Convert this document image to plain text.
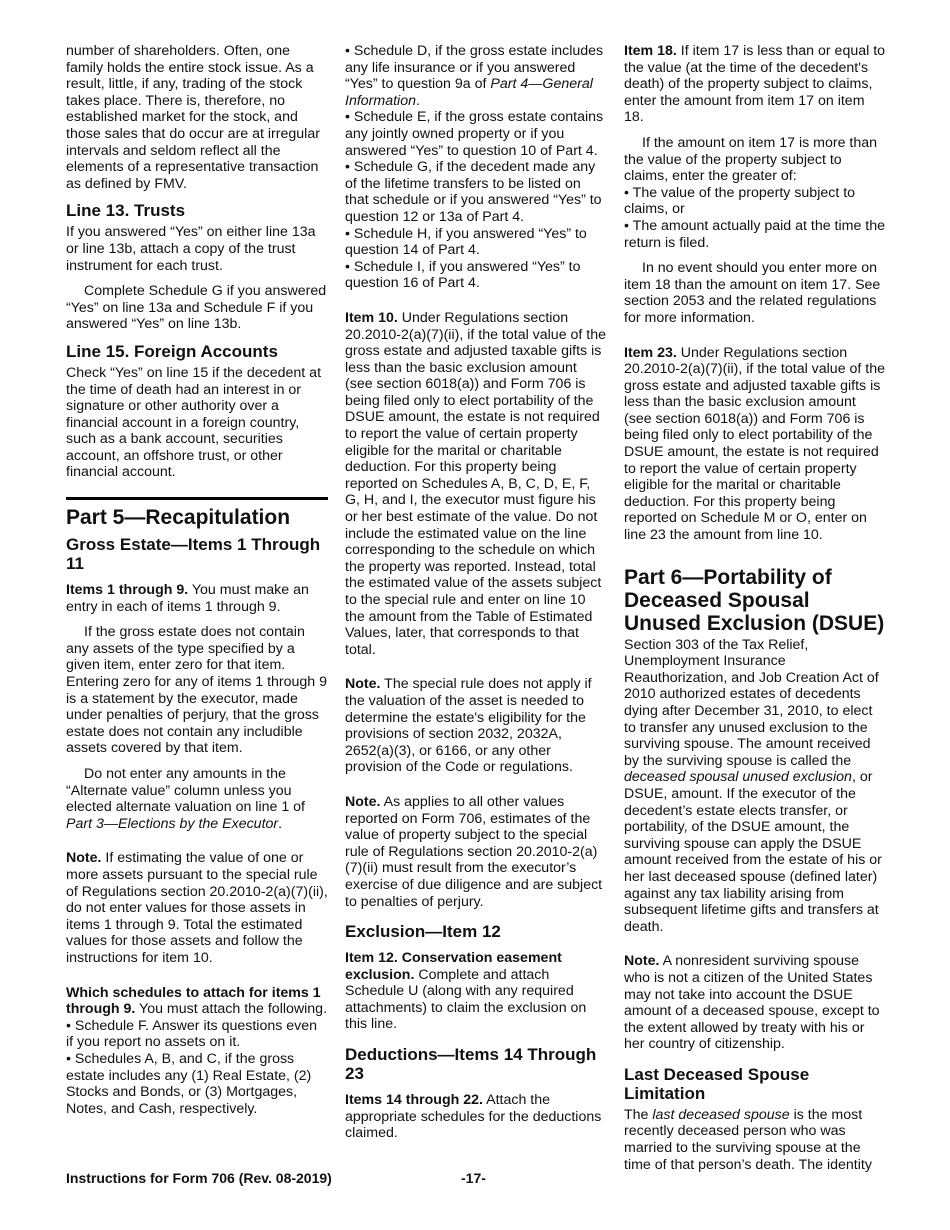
number of shareholders. Often, one family holds the entire stock issue. As a result, little, if any, trading of the stock takes place. There is, therefore, no established market for the stock, and those sales that do occur are at irregular intervals and seldom reflect all the elements of a representative transaction as defined by FMV.

Line 13. Trusts

If you answered “Yes” on either line 13a or line 13b, attach a copy of the trust instrument for each trust.

Complete Schedule G if you answered “Yes” on line 13a and Schedule F if you answered “Yes” on line 13b.

Line 15. Foreign Accounts

Check “Yes” on line 15 if the decedent at the time of death had an interest in or signature or other authority over a financial account in a foreign country, such as a bank account, securities account, an offshore trust, or other financial account.

Part 5—Recapitulation
Gross Estate—Items 1 Through 11

Items 1 through 9. You must make an entry in each of items 1 through 9.

If the gross estate does not contain any assets of the type specified by a given item, enter zero for that item. Entering zero for any of items 1 through 9 is a statement by the executor, made under penalties of perjury, that the gross estate does not contain any includible assets covered by that item.

Do not enter any amounts in the “Alternate value” column unless you elected alternate valuation on line 1 of Part 3—Elections by the Executor.

Note. If estimating the value of one or more assets pursuant to the special rule of Regulations section 20.2010-2(a)(7)(ii), do not enter values for those assets in items 1 through 9. Total the estimated values for those assets and follow the instructions for item 10.

Which schedules to attach for items 1 through 9. You must attach the following.

• Schedule F. Answer its questions even if you report no assets on it.

• Schedules A, B, and C, if the gross estate includes any (1) Real Estate, (2) Stocks and Bonds, or (3) Mortgages, Notes, and Cash, respectively.

• Schedule D, if the gross estate includes any life insurance or if you answered “Yes” to question 9a of Part 4—General Information.

• Schedule E, if the gross estate contains any jointly owned property or if you answered “Yes” to question 10 of Part 4.

• Schedule G, if the decedent made any of the lifetime transfers to be listed on that schedule or if you answered “Yes” to question 12 or 13a of Part 4.

• Schedule H, if you answered “Yes” to question 14 of Part 4.

• Schedule I, if you answered “Yes” to question 16 of Part 4.

Item 10. Under Regulations section 20.2010-2(a)(7)(ii), if the total value of the gross estate and adjusted taxable gifts is less than the basic exclusion amount (see section 6018(a)) and Form 706 is being filed only to elect portability of the DSUE amount, the estate is not required to report the value of certain property eligible for the marital or charitable deduction. For this property being reported on Schedules A, B, C, D, E, F, G, H, and I, the executor must figure his or her best estimate of the value. Do not include the estimated value on the line corresponding to the schedule on which the property was reported. Instead, total the estimated value of the assets subject to the special rule and enter on line 10 the amount from the Table of Estimated Values, later, that corresponds to that total.

Note. The special rule does not apply if the valuation of the asset is needed to determine the estate's eligibility for the provisions of section 2032, 2032A, 2652(a)(3), or 6166, or any other provision of the Code or regulations.

Note. As applies to all other values reported on Form 706, estimates of the value of property subject to the special rule of Regulations section 20.2010-2(a)(7)(ii) must result from the executor’s exercise of due diligence and are subject to penalties of perjury.

Exclusion—Item 12

Item 12. Conservation easement exclusion. Complete and attach Schedule U (along with any required attachments) to claim the exclusion on this line.

Deductions—Items 14 Through 23

Items 14 through 22. Attach the appropriate schedules for the deductions claimed.

Item 18. If item 17 is less than or equal to the value (at the time of the decedent's death) of the property subject to claims, enter the amount from item 17 on item 18.

If the amount on item 17 is more than the value of the property subject to claims, enter the greater of:

• The value of the property subject to claims, or

• The amount actually paid at the time the return is filed.

In no event should you enter more on item 18 than the amount on item 17. See section 2053 and the related regulations for more information.

Item 23. Under Regulations section 20.2010-2(a)(7)(ii), if the total value of the gross estate and adjusted taxable gifts is less than the basic exclusion amount (see section 6018(a)) and Form 706 is being filed only to elect portability of the DSUE amount, the estate is not required to report the value of certain property eligible for the marital or charitable deduction. For this property being reported on Schedule M or O, enter on line 23 the amount from line 10.

Part 6—Portability of Deceased Spousal Unused Exclusion (DSUE)

Section 303 of the Tax Relief, Unemployment Insurance Reauthorization, and Job Creation Act of 2010 authorized estates of decedents dying after December 31, 2010, to elect to transfer any unused exclusion to the surviving spouse. The amount received by the surviving spouse is called the deceased spousal unused exclusion, or DSUE, amount. If the executor of the decedent’s estate elects transfer, or portability, of the DSUE amount, the surviving spouse can apply the DSUE amount received from the estate of his or her last deceased spouse (defined later) against any tax liability arising from subsequent lifetime gifts and transfers at death.

Note. A nonresident surviving spouse who is not a citizen of the United States may not take into account the DSUE amount of a deceased spouse, except to the extent allowed by treaty with his or her country of citizenship.

Last Deceased Spouse Limitation

The last deceased spouse is the most recently deceased person who was married to the surviving spouse at the time of that person’s death. The identity

Instructions for Form 706 (Rev. 08-2019)	-17-
